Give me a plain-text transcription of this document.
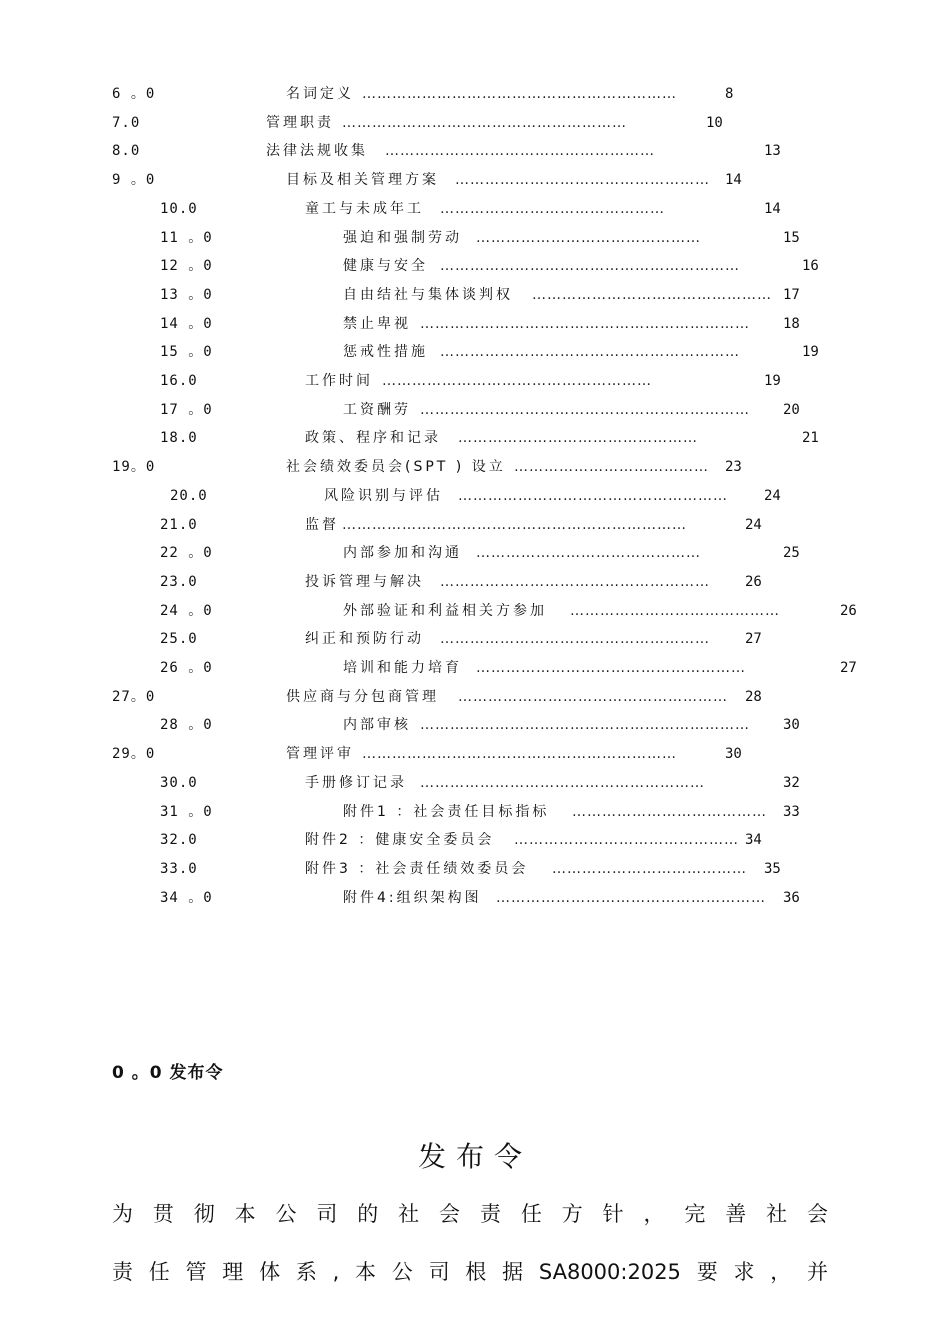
6 。0	名词定义 ………………………………………………………	8
7.0	管理职责 …………………………………………………	10
8.0	法律法规收集 ………………………………………………	13
9 。0	目标及相关管理方案 …………………………………………… 14
10.0	童工与未成年工 ………………………………………	14
11 。0	强迫和强制劳动 ………………………………………	15
12 。0	健康与安全 ……………………………………………………	16
13 。0	自由结社与集体谈判权 ………………………………………… 17
14 。0	禁止卑视 ………………………………………………………… 18
15 。0	惩戒性措施 ……………………………………………………	19
16.0	工作时间 ………………………………………………	19
17 。0	工资酬劳 ………………………………………………………… 20
18.0	政策、程序和记录 …………………………………………	21
19。0	社会绩效委员会(SPT ) 设立 ………………………………… 23
20.0	风险识别与评估 ………………………………………………	24
21.0	监督 ……………………………………………………………	24
22 。0	内部参加和沟通 ………………………………………	25
23.0	投诉管理与解决 ………………………………………………	26
24 。0	外部验证和利益相关方参加 ……………………………………	26
25.0	纠正和预防行动 ………………………………………………	27
26 。0	培训和能力培育 ………………………………………………	27
27。0	供应商与分包商管理 ……………………………………………… 28
28 。0	内部审核 ………………………………………………………… 30
29。0	管理评审 ………………………………………………………	30
30.0	手册修订记录 …………………………………………………	32
31 。0	附件1 ：社会责任目标指标 ………………………………… 33
32.0	附件2 ：健康安全委员会 ……………………………………… 34
33.0	附件3 ：社会责任绩效委员会 ………………………………… 35
34 。0	附件4:组织架构图 ……………………………………………… 36
0 。0 发布令
发布令
为贯彻本公司的社会责任方针，完善社会
责任管理体系,本公司根据SA8000:2025要求，并
